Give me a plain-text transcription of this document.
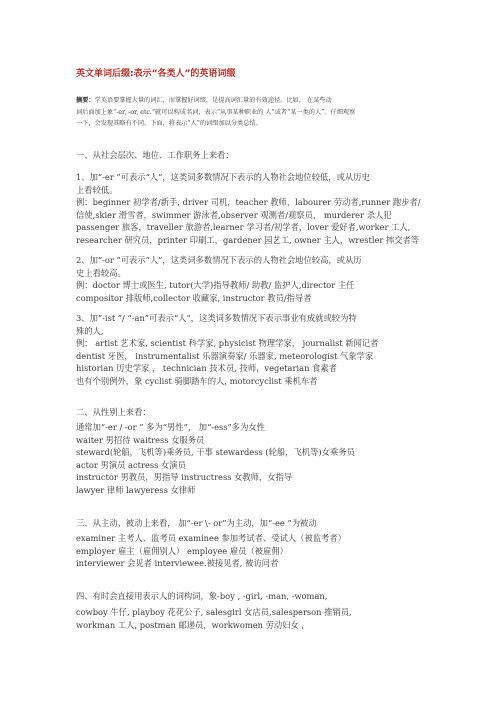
英文单词后缀:表示“各类人”的英语词缀
摘要：学英语要掌握大量的词汇，而掌握好词缀，是提高词汇量的有效途径。比如， 在某些动
词后面加上象“-er, -or, etc.”就可以构成名词，表示“从事某种职业的 人”或者“某一类的人”。仔细观察
一下，会发现其略有不同。下面，将表示“人”的词缀加以分类总结。
一、从社会层次、地位、工作职务上来看：
1、加“-er ”可表示“人”，这类词多数情况下表示的人物社会地位较低，或从历史
上看较低。
例：beginner 初学者/新手, driver 司机，teacher 教师，labourer 劳动者,runner 跑步者/
信使,skier 滑雪者，swimmer 游泳者,observer 观测者/观察员， murderer 杀人犯
passenger 旅客，traveller 旅游者,learner 学习者/初学者，lover 爱好者,worker 工人,
researcher 研究员，printer 印刷工，gardener 园艺工, owner 主人，wrestler 摔交者等
2、加“-or ”可表示“人”，这类词多数情况下表示的人物社会地位较高，或从历
史上看较高。
例：doctor 博士或医生, tutor(大学)指导教师/ 助教/ 监护人,director 主任
compositor 排版师,collector 收藏家, instructor 教员/指导者
3、加“-ist ”/ “-an”可表示“人”，这类词多数情况下表示事业有成就或较为特
殊的人,
例： artist 艺术家, scientist 科学家, physicist 物理学家， journalist 新闻记者
dentist 牙医， instrumentalist 乐器演奏家/ 乐器家, meteorologist 气象学家
historian 历史学家 ， technician 技术员, 技师，vegetarian 食素者
也有个别例外，象 cyclist 骑脚踏车的人, motorcyclist 乘机车者
二、从性别上来看：
通常加“-er / -or ” 多为“男性”， 加“-ess”多为女性
waiter 男招待 waitress 女服务员
steward(轮船，飞机等)乘务员, 干事 stewardess (轮船，飞机等)女乘务员
actor 男演员 actress 女演员
instructor 男教员，男指导 instructress 女教师，女指导
lawyer 律师 lawyeress 女律师
三、从主动、被动上来看， 加“-er \- or”为主动，加“-ee ”为被动
examiner 主考人、监考员 examinee 参加考试者、受试人（被监考者）
employer 雇主（雇佣别人） employee 雇员（被雇佣）
interviewer 会见者 interviewee.被接见者, 被访问者
四、有时会直接用表示人的词构词，象-boy , -girl, -man, -woman,
cowboy 牛仔, playboy 花花公子, salesgirl 女店员,salesperson 推销员,
workman 工人, postman 邮递员，workwomen 劳动妇女 ,
